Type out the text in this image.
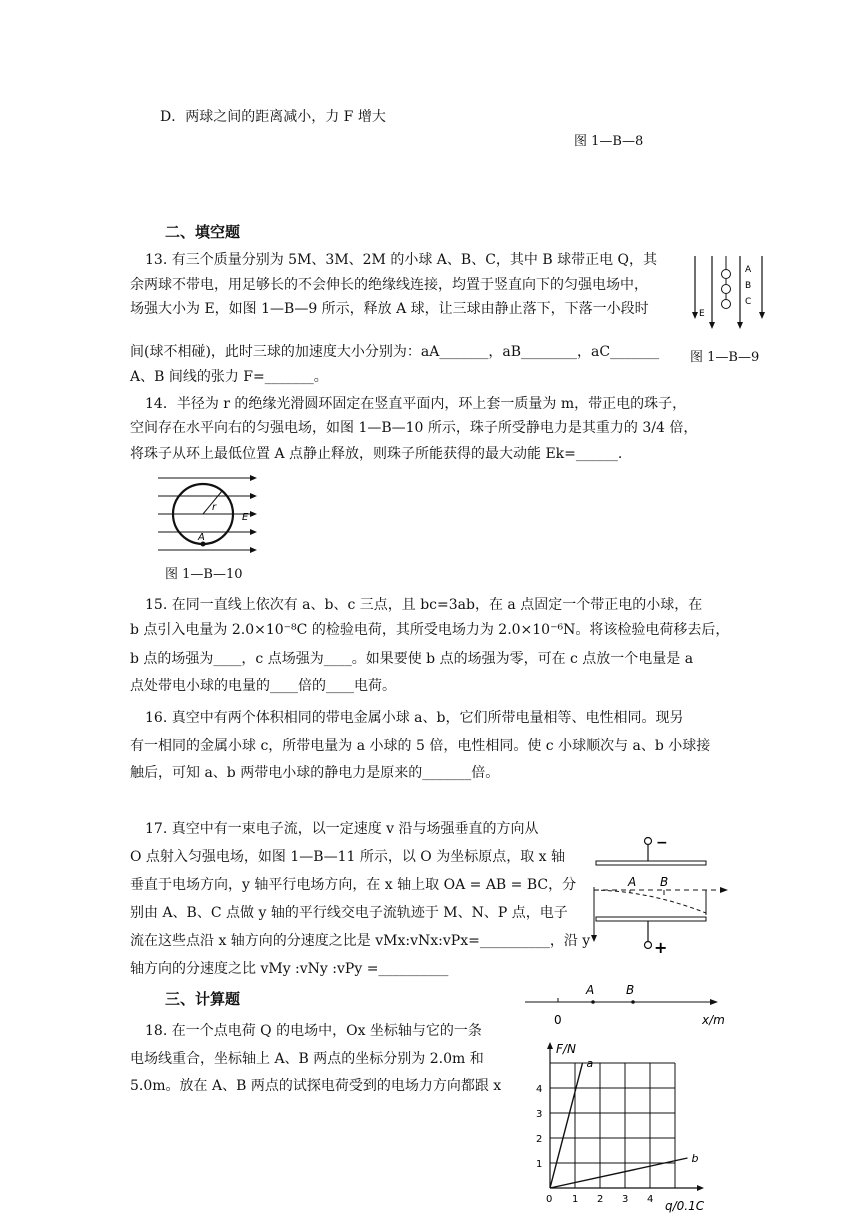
D．两球之间的距离减小，力 F 增大
图 1—B—8
二、填空题
13. 有三个质量分别为 5M、3M、2M 的小球 A、B、C，其中 B 球带正电 Q，其
余两球不带电，用足够长的不会伸长的绝缘线连接，均置于竖直向下的匀强电场中，
场强大小为 E，如图 1—B—9 所示，释放 A 球，让三球由静止落下，下落一小段时
间(球不相碰)，此时三球的加速度大小分别为：aA_______，aB________，aC_______
A、B 间线的张力 F=_______。
A
B
C
E
图 1—B—9
14．半径为 r 的绝缘光滑圆环固定在竖直平面内，环上套一质量为 m，带正电的珠子，
空间存在水平向右的匀强电场，如图 1—B—10 所示，珠子所受静电力是其重力的 3/4 倍，
将珠子从环上最低位置 A 点静止释放，则珠子所能获得的最大动能 Ek=______.
r
E
A
图 1—B—10
15. 在同一直线上依次有 a、b、c 三点，且 bc=3ab，在 a 点固定一个带正电的小球，在
b 点引入电量为 2.0×10⁻⁸C 的检验电荷，其所受电场力为 2.0×10⁻⁶N。将该检验电荷移去后，
b 点的场强为____，c 点场强为____。如果要使 b 点的场强为零，可在 c 点放一个电量是 a
点处带电小球的电量的____倍的____电荷。
16. 真空中有两个体积相同的带电金属小球 a、b，它们所带电量相等、电性相同。现另
有一相同的金属小球 c，所带电量为 a 小球的 5 倍，电性相同。使 c 小球顺次与 a、b 小球接
触后，可知 a、b 两带电小球的静电力是原来的_______倍。
17. 真空中有一束电子流，以一定速度 v 沿与场强垂直的方向从
O 点射入匀强电场，如图 1—B—11 所示，以 O 为坐标原点，取 x 轴
垂直于电场方向，y 轴平行电场方向，在 x 轴上取 OA = AB = BC，分
别由 A、B、C 点做 y 轴的平行线交电子流轨迹于 M、N、P 点，电子
流在这些点沿 x 轴方向的分速度之比是 vMx:vNx:vPx=__________，沿 y
轴方向的分速度之比 vMy :vNy :vPy =__________
−
A B
+
三、计算题
0
A	B
x/m
18. 在一个点电荷 Q 的电场中，Ox 坐标轴与它的一条
电场线重合，坐标轴上 A、B 两点的坐标分别为 2.0m 和
5.0m。放在 A、B 两点的试探电荷受到的电场力方向都跟 x
1 2 3 4
1
2
3
4
0
F/N
q/0.1C
a
b
